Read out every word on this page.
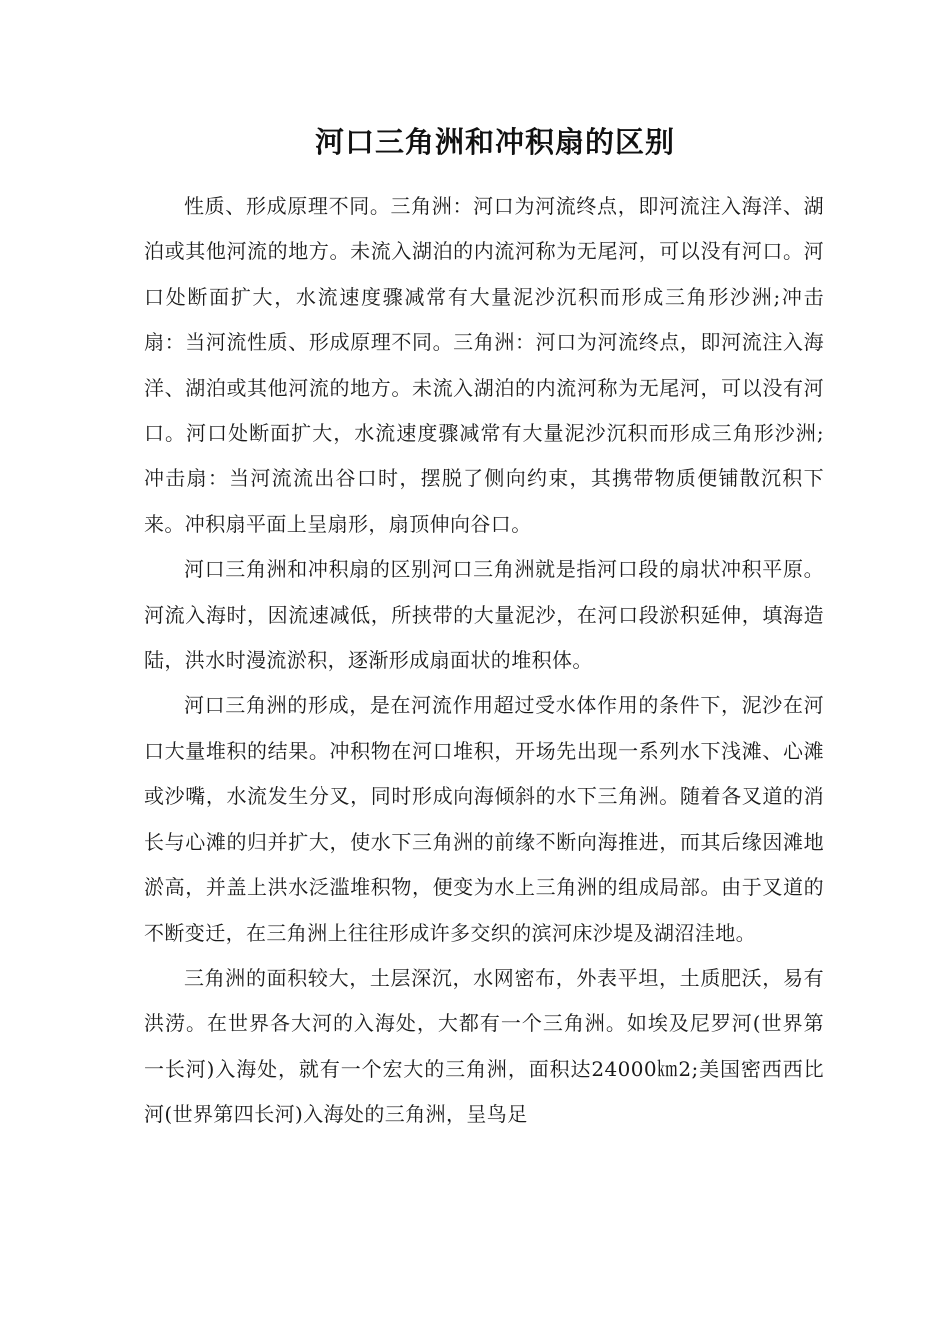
河口三角洲和冲积扇的区别

性质、形成原理不同。三角洲：河口为河流终点，即河流注入海洋、湖泊或其他河流的地方。未流入湖泊的内流河称为无尾河，可以没有河口。河口处断面扩大，水流速度骤减常有大量泥沙沉积而形成三角形沙洲;冲击扇：当河流性质、形成原理不同。三角洲：河口为河流终点，即河流注入海洋、湖泊或其他河流的地方。未流入湖泊的内流河称为无尾河，可以没有河口。河口处断面扩大，水流速度骤减常有大量泥沙沉积而形成三角形沙洲;冲击扇：当河流流出谷口时，摆脱了侧向约束，其携带物质便铺散沉积下来。冲积扇平面上呈扇形，扇顶伸向谷口。

河口三角洲和冲积扇的区别河口三角洲就是指河口段的扇状冲积平原。河流入海时，因流速减低，所挟带的大量泥沙，在河口段淤积延伸，填海造陆，洪水时漫流淤积，逐渐形成扇面状的堆积体。

河口三角洲的形成，是在河流作用超过受水体作用的条件下，泥沙在河口大量堆积的结果。冲积物在河口堆积，开场先出现一系列水下浅滩、心滩或沙嘴，水流发生分叉，同时形成向海倾斜的水下三角洲。随着各叉道的消长与心滩的归并扩大，使水下三角洲的前缘不断向海推进，而其后缘因滩地淤高，并盖上洪水泛滥堆积物，便变为水上三角洲的组成局部。由于叉道的不断变迁，在三角洲上往往形成许多交织的滨河床沙堤及湖沼洼地。

三角洲的面积较大，土层深沉，水网密布，外表平坦，土质肥沃，易有洪涝。在世界各大河的入海处，大都有一个三角洲。如埃及尼罗河(世界第一长河)入海处，就有一个宏大的三角洲，面积达24000㎞2;美国密西西比河(世界第四长河)入海处的三角洲，呈鸟足
